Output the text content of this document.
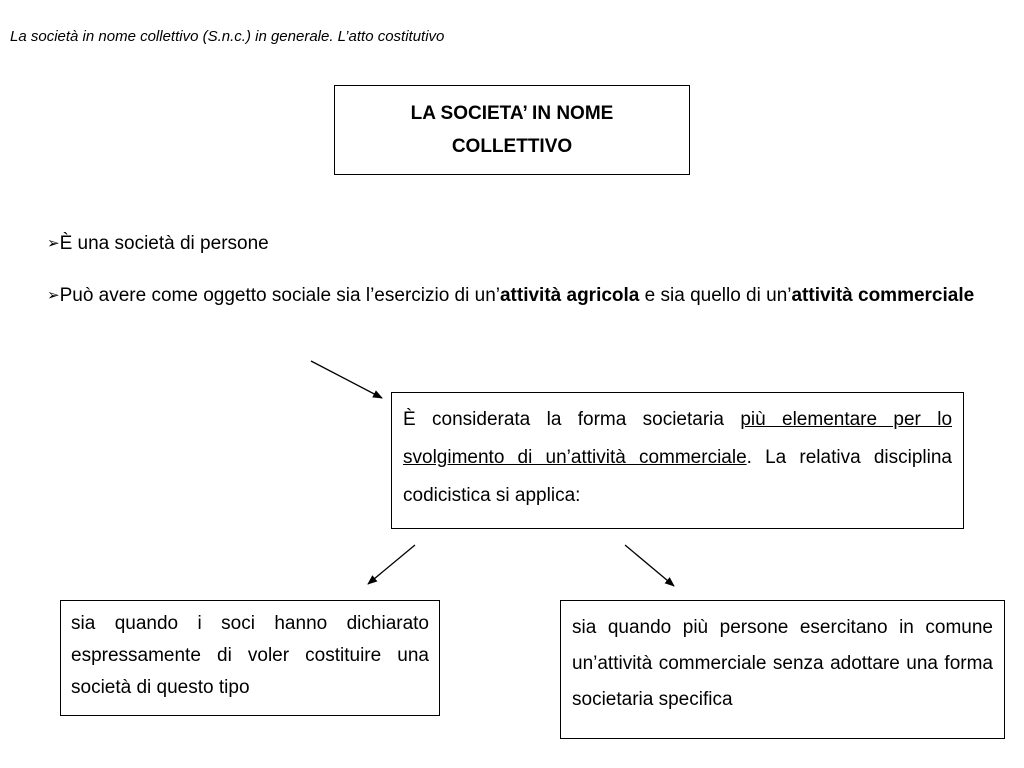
La società in nome collettivo (S.n.c.) in generale. L’atto costitutivo
LA SOCIETA’ IN NOME
COLLETTIVO
➢È una società di persone
➢Può avere come oggetto sociale sia l’esercizio di un’attività agricola e sia quello di un’attività commerciale
È considerata la forma societaria più elementare per lo svolgimento di un’attività commerciale. La relativa disciplina codicistica si applica:
sia quando i soci hanno dichiarato espressamente di voler costituire una società di questo tipo
sia quando più persone esercitano in comune un’attività commerciale senza adottare una forma societaria specifica
